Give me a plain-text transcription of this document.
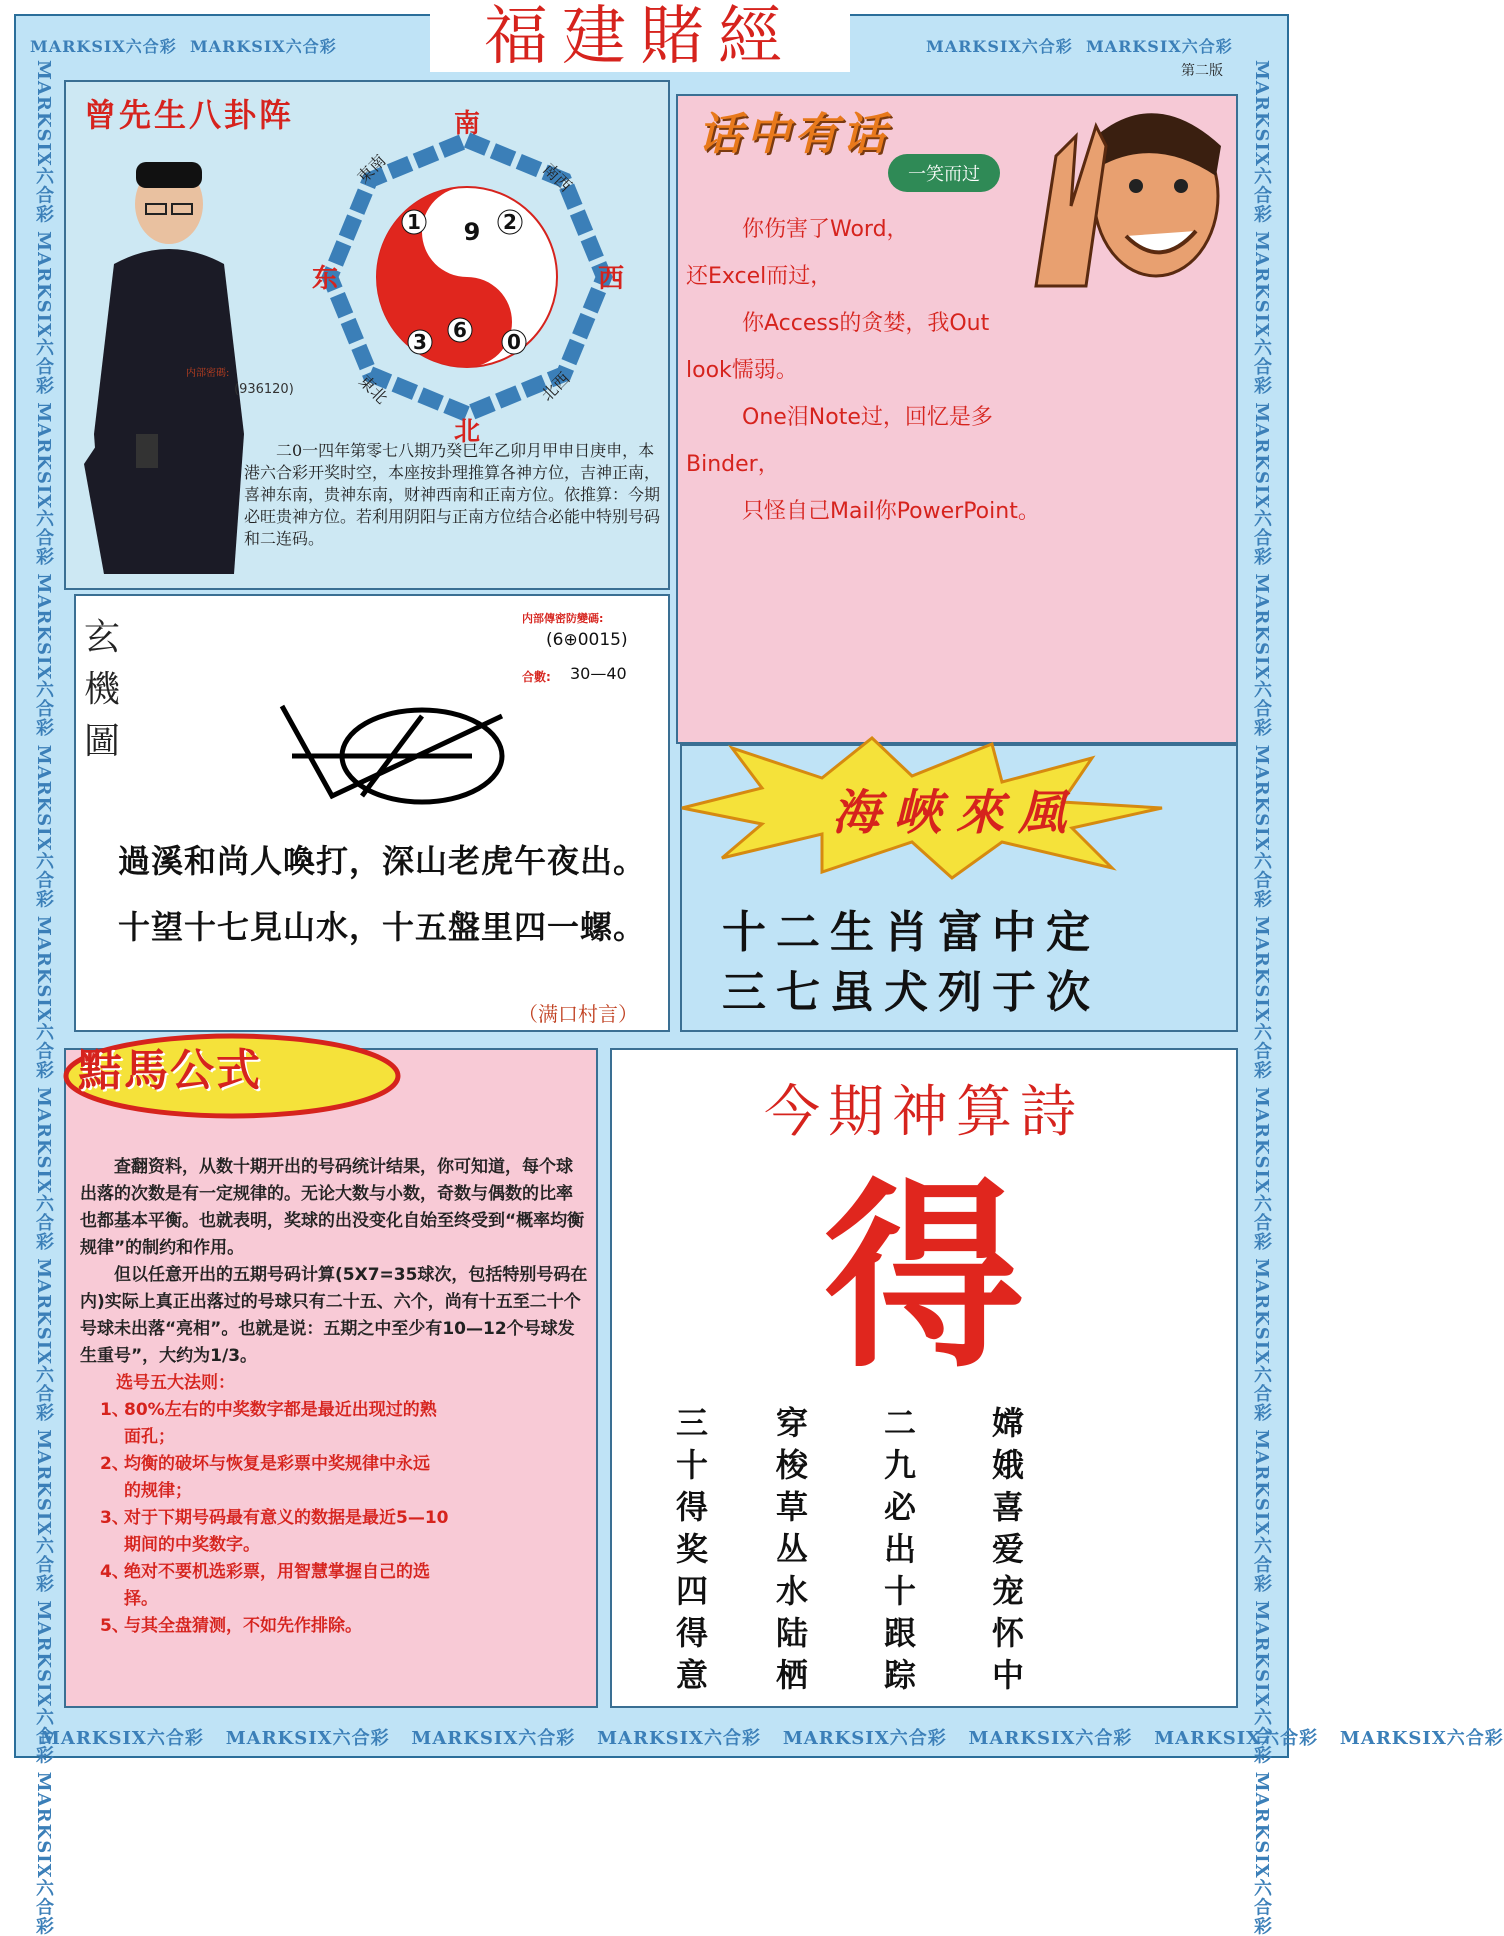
MARKSIX六合彩 MARKSIX六合彩	MARKSIX六合彩 MARKSIX六合彩
MARKSIX六合彩 MARKSIX六合彩 MARKSIX六合彩 MARKSIX六合彩 MARKSIX六合彩 MARKSIX六合彩 MARKSIX六合彩 MARKSIX六合彩
MARKSIX六合彩 MARKSIX六合彩 MARKSIX六合彩 MARKSIX六合彩 MARKSIX六合彩 MARKSIX六合彩 MARKSIX六合彩 MARKSIX六合彩 MARKSIX六合彩 MARKSIX六合彩 MARKSIX六合彩
MARKSIX六合彩 MARKSIX六合彩 MARKSIX六合彩 MARKSIX六合彩 MARKSIX六合彩 MARKSIX六合彩 MARKSIX六合彩 MARKSIX六合彩 MARKSIX六合彩 MARKSIX六合彩 MARKSIX六合彩
福建賭經	第二版
曾先生八卦阵
内部密碼:
(936120)
南
北
东	西
東南	南西
東北	北西
1 9 2
3 6 0
二0一四年第零七八期乃癸巳年乙卯月甲申日庚申，本港六合彩开奖时空，本座按卦理推算各神方位，吉神正南，喜神东南，贵神东南，财神西南和正南方位。依推算：今期必旺贵神方位。若利用阴阳与正南方位结合必能中特别号码和二连码。
话中有话
一笑而过
你伤害了Word，
还Excel而过，
你Access的贪婪，我Out
look懦弱。
One泪Note过，回忆是多
Binder，
只怪自己Mail你PowerPoint。
玄機圖
内部傳密防變碼:
(6⊕0015)
合數: 30—40
過溪和尚人喚打，深山老虎午夜出。
十望十七見山水，十五盤里四一螺。
（满口村言）
海峽來風
十二生肖富中定
三七虽犬列于次
黠馬公式

查翻资料，从数十期开出的号码统计结果，你可知道，每个球出落的次数是有一定规律的。无论大数与小数，奇数与偶数的比率也都基本平衡。也就表明，奖球的出没变化自始至终受到“概率均衡规律”的制约和作用。

但以任意开出的五期号码计算(5X7=35球次，包括特别号码在内)实际上真正出落过的号球只有二十五、六个，尚有十五至二十个号球未出落“亮相”。也就是说：五期之中至少有10—12个号球发生重号”，大约为1/3。

选号五大法则：
1、80%左右的中奖数字都是最近出现过的熟
面孔；
2、均衡的破坏与恢复是彩票中奖规律中永远
的规律；
3、对于下期号码最有意义的数据是最近5—10
期间的中奖数字。
4、绝对不要机选彩票，用智慧掌握自己的选
择。
5、与其全盘猜测，不如先作排除。
今期神算詩
得
三十得奖四得意
穿梭草丛水陆栖
二九必出十跟踪
嫦娥喜爱宠怀中
